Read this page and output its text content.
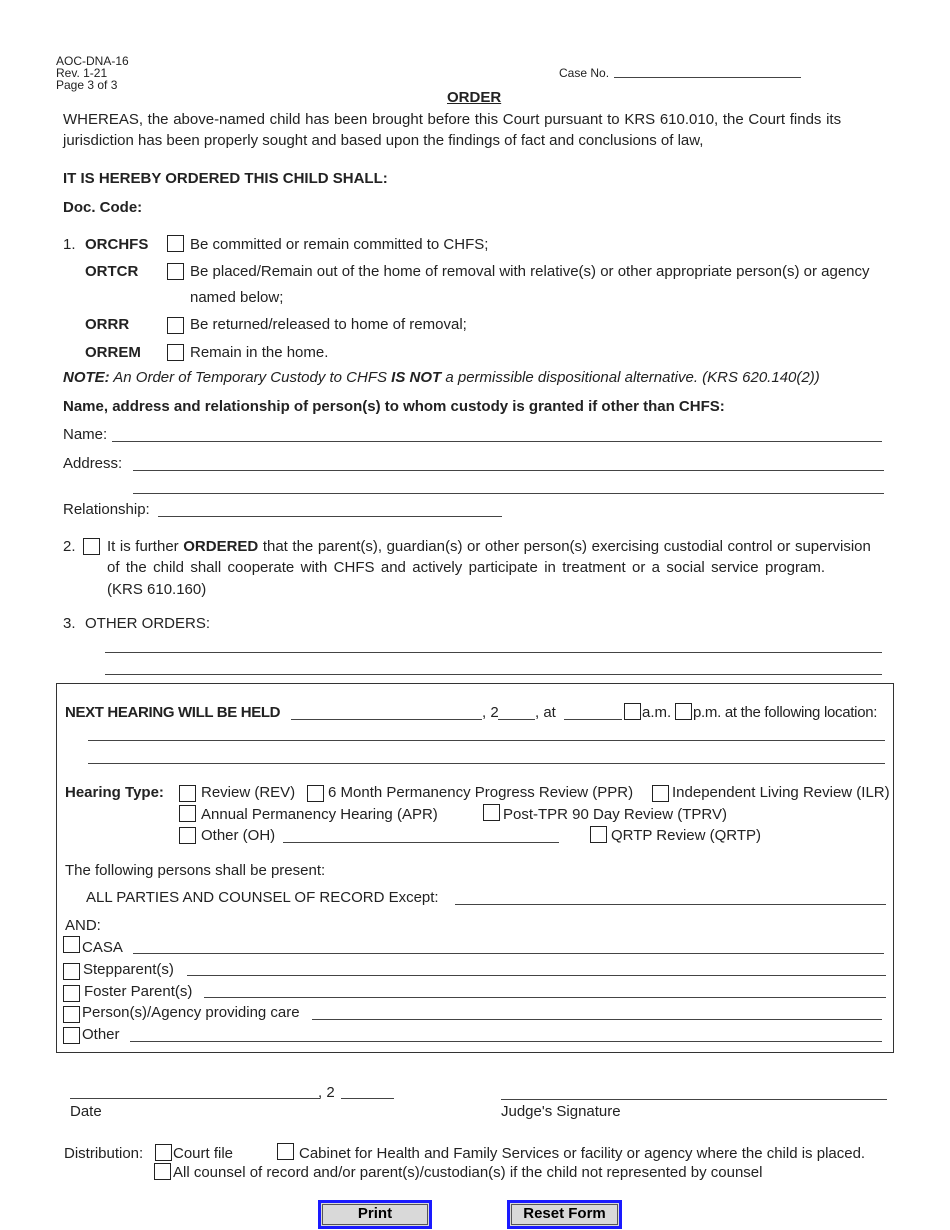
AOC-DNA-16
Rev. 1-21
Page 3 of 3
Case No.
ORDER
WHEREAS, the above-named child has been brought before this Court pursuant to KRS 610.010, the Court finds its
jurisdiction has been properly sought and based upon the findings of fact and conclusions of law,
IT IS HEREBY ORDERED THIS CHILD SHALL:
Doc. Code:
1. ORCHFS	Be committed or remain committed to CHFS;
ORTCR	Be placed/Remain out of the home of removal with relative(s) or other appropriate person(s) or agency
named below;
ORRR	Be returned/released to home of removal;
ORREM	Remain in the home.
NOTE: An Order of Temporary Custody to CHFS IS NOT a permissible dispositional alternative. (KRS 620.140(2))
Name, address and relationship of person(s) to whom custody is granted if other than CHFS:
Name:
Address:
Relationship:
2. It is further ORDERED that the parent(s), guardian(s) or other person(s) exercising custodial control or supervision
of the child shall cooperate with CHFS and actively participate in treatment or a social service program.
(KRS 610.160)
3. OTHER ORDERS:
NEXT HEARING WILL BE HELD	, 2 , at	a.m. p.m. at the following location:
Hearing Type: Review (REV) 6 Month Permanency Progress Review (PPR)	Independent Living Review (ILR)
Annual Permanency Hearing (APR)	Post-TPR 90 Day Review (TPRV)
Other (OH)	QRTP Review (QRTP)
The following persons shall be present:
ALL PARTIES AND COUNSEL OF RECORD Except:
AND:
CASA
Stepparent(s)
Foster Parent(s)
Person(s)/Agency providing care
Other
, 2
Date	Judge's Signature
Distribution: Court file	Cabinet for Health and Family Services or facility or agency where the child is placed.
All counsel of record and/or parent(s)/custodian(s) if the child not represented by counsel
Print	Reset Form
